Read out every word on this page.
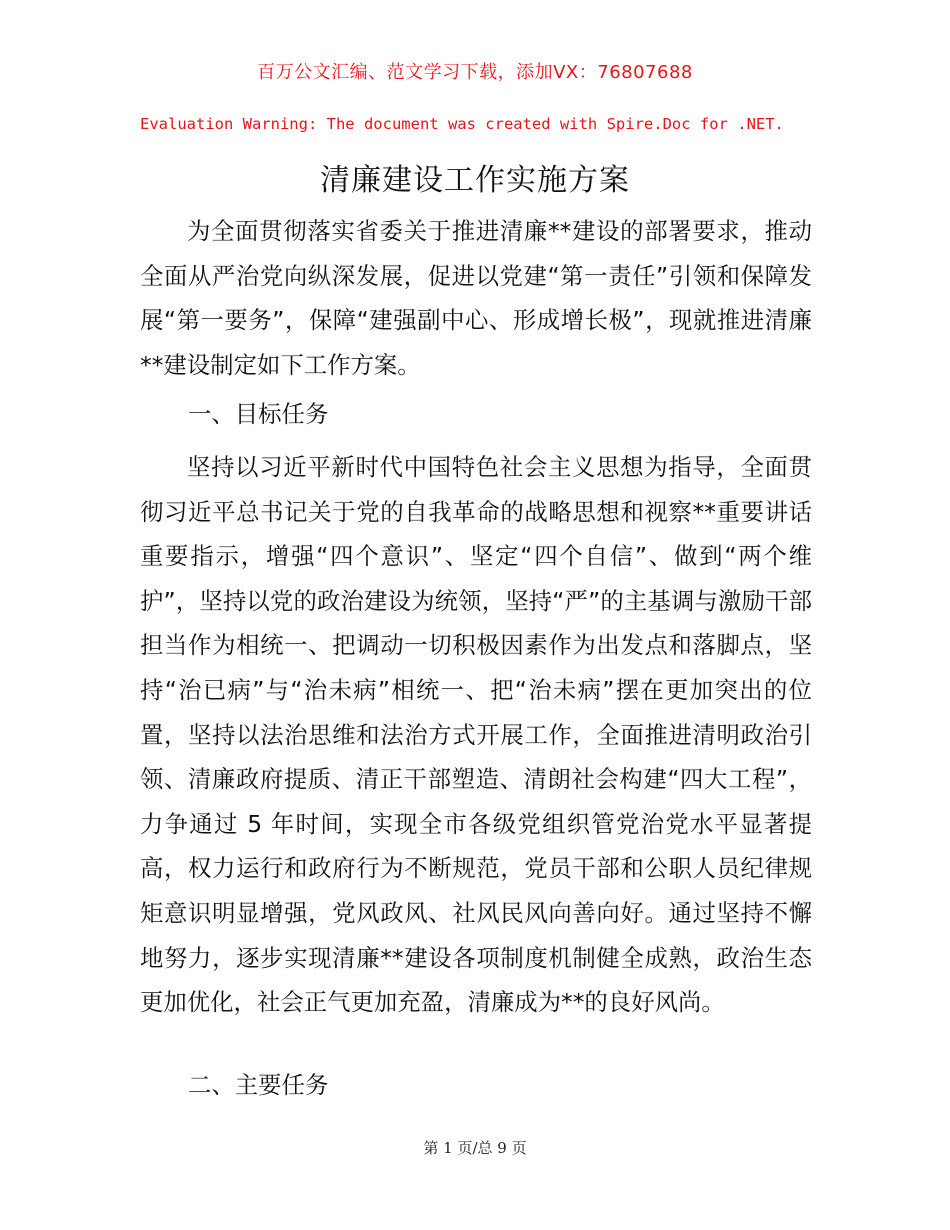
百万公文汇编、范文学习下载，添加VX：76807688
Evaluation Warning: The document was created with Spire.Doc for .NET.
清廉建设工作实施方案

为全面贯彻落实省委关于推进清廉**建设的部署要求，推动全面从严治党向纵深发展，促进以党建“第一责任”引领和保障发展“第一要务”，保障“建强副中心、形成增长极”，现就推进清廉**建设制定如下工作方案。

一、目标任务

坚持以习近平新时代中国特色社会主义思想为指导，全面贯彻习近平总书记关于党的自我革命的战略思想和视察**重要讲话重要指示，增强“四个意识”、坚定“四个自信”、做到“两个维护”，坚持以党的政治建设为统领，坚持“严”的主基调与激励干部担当作为相统一、把调动一切积极因素作为出发点和落脚点，坚持“治已病”与“治未病”相统一、把“治未病”摆在更加突出的位置，坚持以法治思维和法治方式开展工作，全面推进清明政治引领、清廉政府提质、清正干部塑造、清朗社会构建“四大工程”，力争通过 5 年时间，实现全市各级党组织管党治党水平显著提高，权力运行和政府行为不断规范，党员干部和公职人员纪律规矩意识明显增强，党风政风、社风民风向善向好。通过坚持不懈地努力，逐步实现清廉**建设各项制度机制健全成熟，政治生态更加优化，社会正气更加充盈，清廉成为**的良好风尚。

二、主要任务
第 1 页/总 9 页
